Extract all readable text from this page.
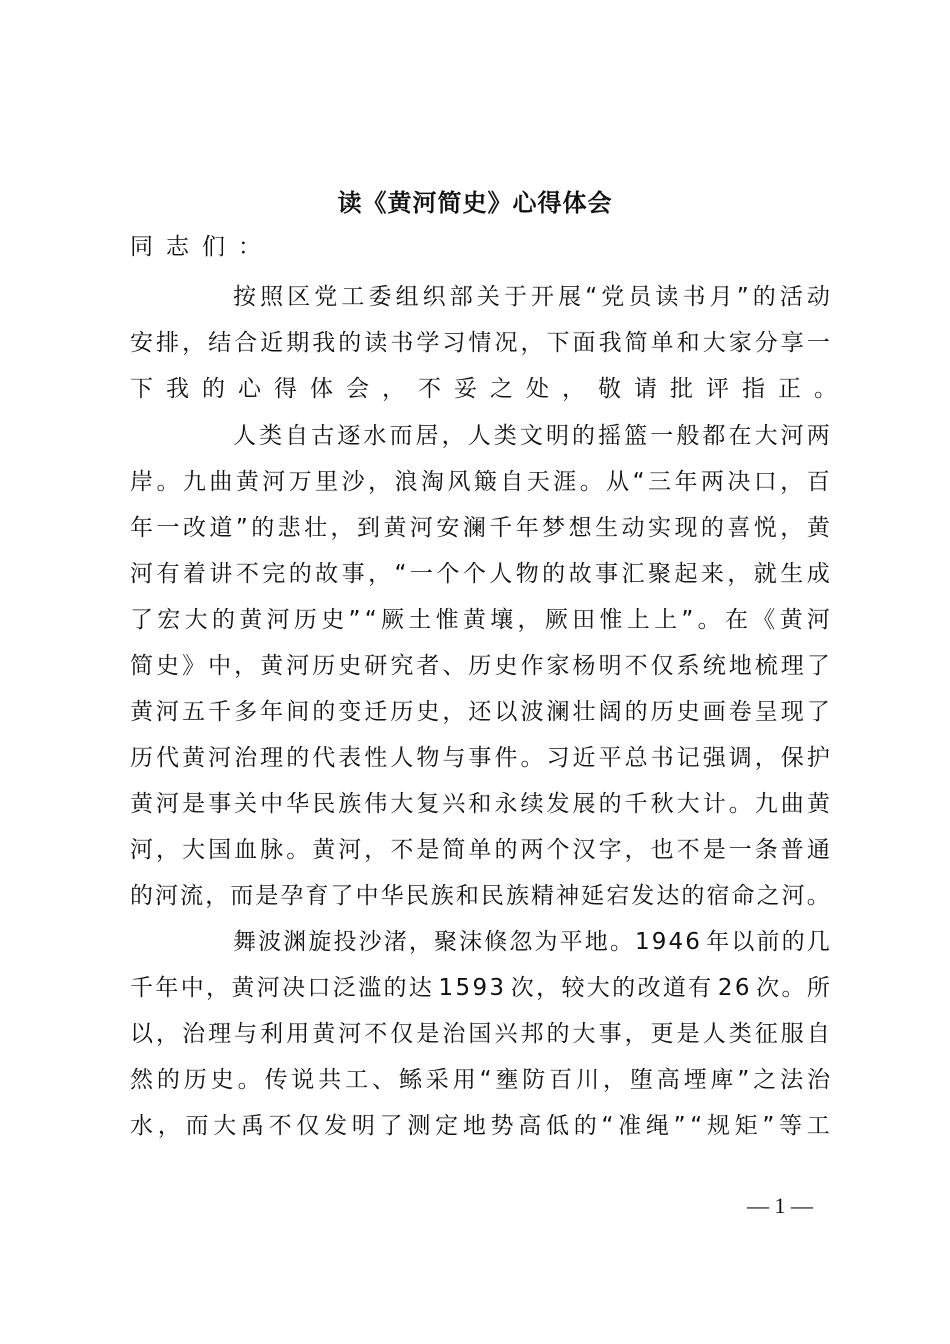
读《黄河简史》心得体会
同志们：
按 照 区 党 工 委 组 织 部 关 于 开 展 “ 党 员 读 书 月 ” 的 活 动
安 排 ， 结 合 近 期 我 的 读 书 学 习 情 况 ， 下 面 我 简 单 和 大 家 分 享 一
下我的心得体会，不妥之处，敬请批评指正。
人 类 自 古 逐 水 而 居 ， 人 类 文 明 的 摇 篮 一 般 都 在 大 河 两
岸 。 九 曲 黄 河 万 里 沙 ， 浪 淘 风 簸 自 天 涯 。 从 “ 三 年 两 决 口 ， 百
年 一 改 道 ” 的 悲 壮 ， 到 黄 河 安 澜 千 年 梦 想 生 动 实 现 的 喜 悦 ， 黄
河 有 着 讲 不 完 的 故 事 ， “ 一 个 个 人 物 的 故 事 汇 聚 起 来 ， 就 生 成
了 宏 大 的 黄 河 历 史 ” “ 厥 土 惟 黄 壤 ， 厥 田 惟 上 上 ” 。 在 《 黄 河
简 史 》 中 ， 黄 河 历 史 研 究 者 、 历 史 作 家 杨 明 不 仅 系 统 地 梳 理 了
黄 河 五 千 多 年 间 的 变 迁 历 史 ， 还 以 波 澜 壮 阔 的 历 史 画 卷 呈 现 了
历 代 黄 河 治 理 的 代 表 性 人 物 与 事 件 。 习 近 平 总 书 记 强 调 ， 保 护
黄 河 是 事 关 中 华 民 族 伟 大 复 兴 和 永 续 发 展 的 千 秋 大 计 。 九 曲 黄
河 ， 大 国 血 脉 。 黄 河 ， 不 是 简 单 的 两 个 汉 字 ， 也 不 是 一 条 普 通
的 河 流 ， 而 是 孕 育 了 中 华 民 族 和 民 族 精 神 延 宕 发 达 的 宿 命 之 河 。
舞 波 渊 旋 投 沙 渚 ， 聚 沫 倏 忽 为 平 地 。 1 9 4 6
年 以 前 的 几
千 年 中 ， 黄 河 决 口 泛 滥 的 达
1 5 9 3
次 ， 较 大 的 改 道 有
2 6
次 。 所
以 ， 治 理 与 利 用 黄 河 不 仅 是 治 国 兴 邦 的 大 事 ， 更 是 人 类 征 服 自
然 的 历 史 。 传 说 共 工 、 鲧 采 用 “ 壅 防 百 川 ， 堕 高 堙 庳 ” 之 法 治
水 ， 而 大 禹 不 仅 发 明 了 测 定 地 势 高 低 的 “ 准 绳 ” “ 规 矩 ” 等 工
— 1 —
